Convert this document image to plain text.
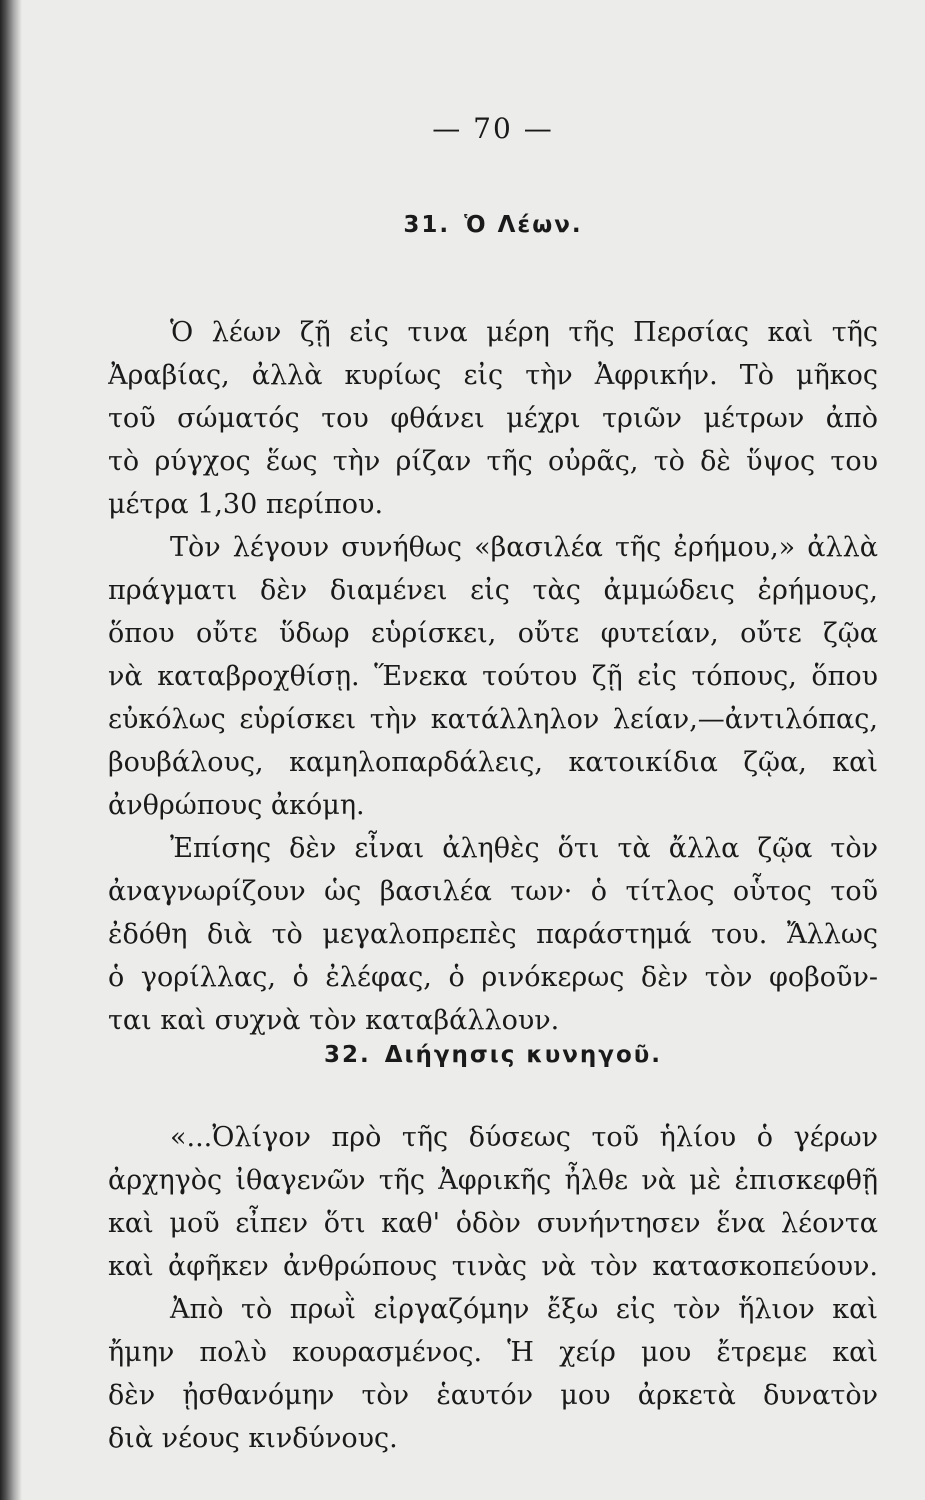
— 70 —
31. Ὁ Λέων.
Ὁ λέων ζῇ εἰς τινα μέρη τῆς Περσίας καὶ τῆς
Ἀραβίας, ἀλλὰ κυρίως εἰς τὴν Ἀφρικήν. Τὸ μῆκος
τοῦ σώματός του φθάνει μέχρι τριῶν μέτρων ἀπὸ
τὸ ρύγχος ἕως τὴν ρίζαν τῆς οὐρᾶς, τὸ δὲ ὕψος του
μέτρα 1,30 περίπου.
Τὸν λέγουν συνήθως «βασιλέα τῆς ἐρήμου,» ἀλλὰ
πράγματι δὲν διαμένει εἰς τὰς ἀμμώδεις ἐρήμους,
ὅπου οὔτε ὕδωρ εὑρίσκει, οὔτε φυτείαν, οὔτε ζῷα
νὰ καταβροχθίσῃ. Ἕνεκα τούτου ζῇ εἰς τόπους, ὅπου
εὐκόλως εὑρίσκει τὴν κατάλληλον λείαν,—ἀντιλόπας,
βουβάλους, καμηλοπαρδάλεις, κατοικίδια ζῷα, καὶ
ἀνθρώπους ἀκόμη.
Ἐπίσης δὲν εἶναι ἀληθὲς ὅτι τὰ ἄλλα ζῷα τὸν
ἀναγνωρίζουν ὡς βασιλέα των· ὁ τίτλος οὗτος τοῦ
ἐδόθη διὰ τὸ μεγαλοπρεπὲς παράστημά του. Ἄλλως
ὁ γορίλλας, ὁ ἐλέφας, ὁ ρινόκερως δὲν τὸν φοβοῦν-
ται καὶ συχνὰ τὸν καταβάλλουν.
32. Διήγησις κυνηγοῦ.
«...Ὀλίγον πρὸ τῆς δύσεως τοῦ ἡλίου ὁ γέρων
ἀρχηγὸς ἰθαγενῶν τῆς Ἀφρικῆς ἦλθε νὰ μὲ ἐπισκεφθῇ
καὶ μοῦ εἶπεν ὅτι καθ' ὁδὸν συνήντησεν ἕνα λέοντα
καὶ ἀφῆκεν ἀνθρώπους τινὰς νὰ τὸν κατασκοπεύουν.
Ἀπὸ τὸ πρωῒ εἰργαζόμην ἔξω εἰς τὸν ἥλιον καὶ
ἤμην πολὺ κουρασμένος. Ἡ χείρ μου ἔτρεμε καὶ
δὲν ᾐσθανόμην τὸν ἑαυτόν μου ἀρκετὰ δυνατὸν
διὰ νέους κινδύνους.
